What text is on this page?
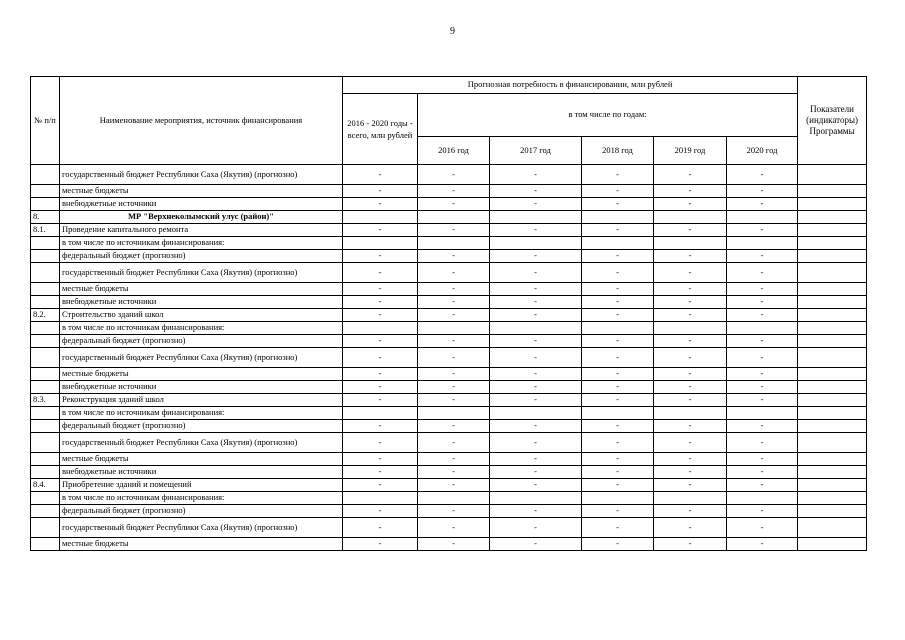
9
№ п/п	Наименование мероприятия, источник финансирования	Прогнозная потребность в финансировании, млн рублей						Показатели (индикаторы) Программы
		2016 - 2020 годы - всего, млн рублей	в том числе по годам:					
			2016 год	2017 год	2018 год	2019 год	2020 год	
	государственный бюджет Республики Саха (Якутия) (прогнозно)	-	-	-	-	-	-	
	местные бюджеты	-	-	-	-	-	-	
	внебюджетные источники	-	-	-	-	-	-	
8.	МР "Верхнеколымский улус (район)"							
8.1.	Проведение капитального ремонта	-	-	-	-	-	-	
	в том числе по источникам финансирования:							
	федеральный бюджет (прогнозно)	-	-	-	-	-	-	
	государственный бюджет Республики Саха (Якутия) (прогнозно)	-	-	-	-	-	-	
	местные бюджеты	-	-	-	-	-	-	
	внебюджетные источники	-	-	-	-	-	-	
8.2.	Строительство зданий школ	-	-	-	-	-	-	
	в том числе по источникам финансирования:							
	федеральный бюджет (прогнозно)	-	-	-	-	-	-	
	государственный бюджет Республики Саха (Якутия) (прогнозно)	-	-	-	-	-	-	
	местные бюджеты	-	-	-	-	-	-	
	внебюджетные источники	-	-	-	-	-	-	
8.3.	Реконструкция зданий школ	-	-	-	-	-	-	
	в том числе по источникам финансирования:							
	федеральный бюджет (прогнозно)	-	-	-	-	-	-	
	государственный бюджет Республики Саха (Якутия) (прогнозно)	-	-	-	-	-	-	
	местные бюджеты	-	-	-	-	-	-	
	внебюджетные источники	-	-	-	-	-	-	
8.4.	Приобретение зданий и помещений	-	-	-	-	-	-	
	в том числе по источникам финансирования:							
	федеральный бюджет (прогнозно)	-	-	-	-	-	-	
	государственный бюджет Республики Саха (Якутия) (прогнозно)	-	-	-	-	-	-	
	местные бюджеты	-	-	-	-	-	-	
